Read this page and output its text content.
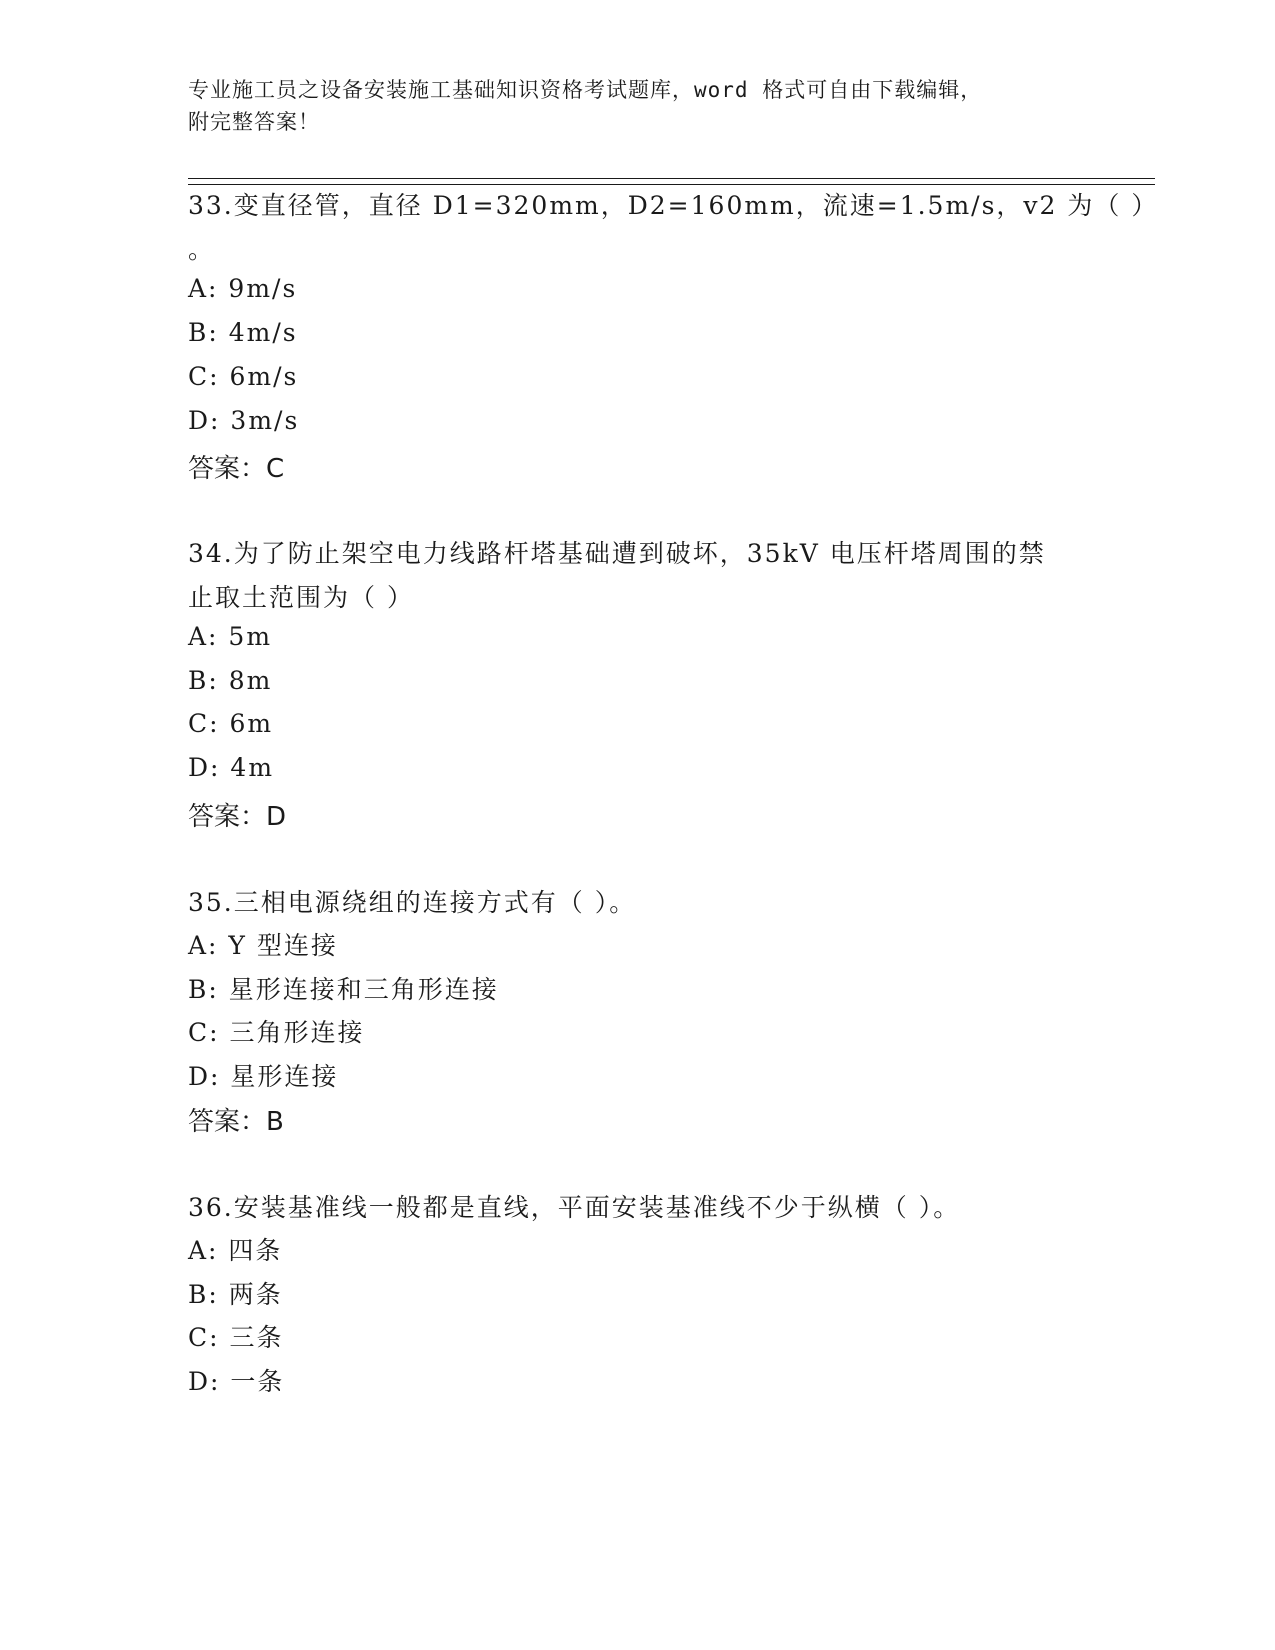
专业施工员之设备安装施工基础知识资格考试题库，word 格式可自由下载编辑，
附完整答案！
33.变直径管，直径 D1=320mm，D2=160mm，流速=1.5m/s，v2 为（ ）
。
A: 9m/s
B: 4m/s
C: 6m/s
D: 3m/s
答案：C
34.为了防止架空电力线路杆塔基础遭到破坏，35kV 电压杆塔周围的禁
止取土范围为（ ）
A: 5m
B: 8m
C: 6m
D: 4m
答案：D
35.三相电源绕组的连接方式有（ ）。
A: Y 型连接
B: 星形连接和三角形连接
C: 三角形连接
D: 星形连接
答案：B
36.安装基准线一般都是直线，平面安装基准线不少于纵横（ ）。
A: 四条
B: 两条
C: 三条
D: 一条
